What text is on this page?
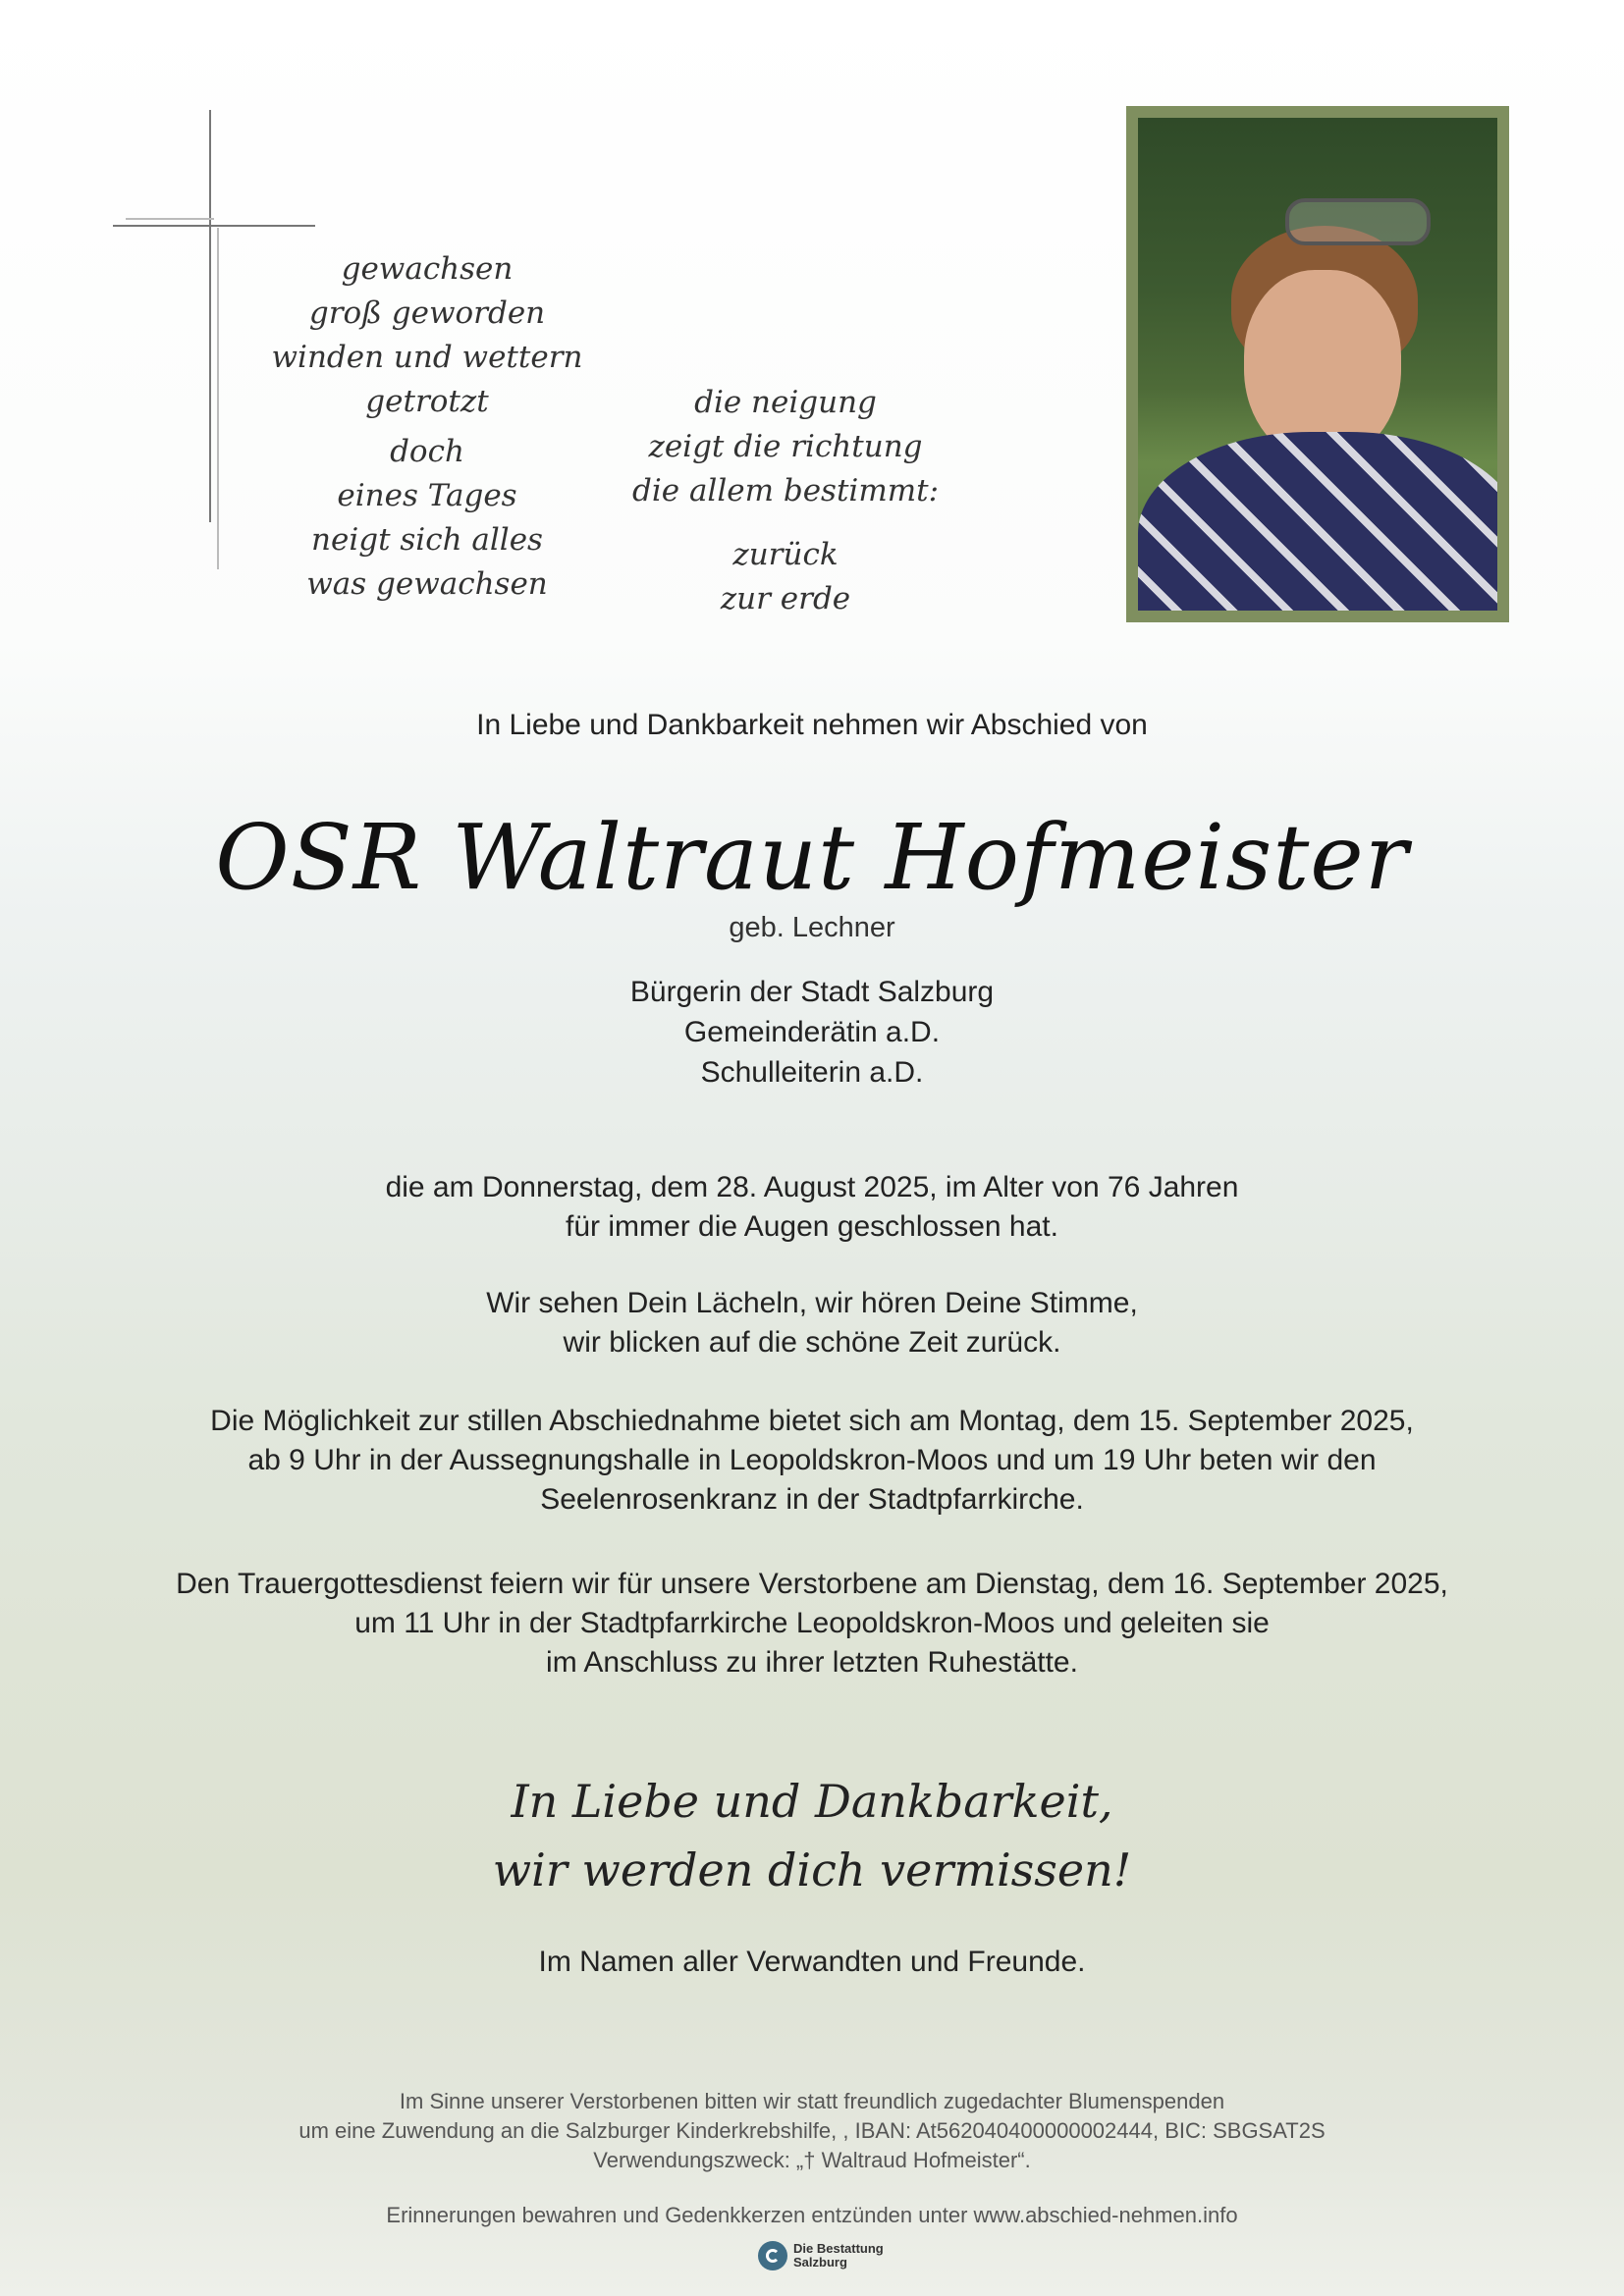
gewachsen
groß geworden
winden und wettern
getrotzt
doch
eines Tages
neigt sich alles
was gewachsen
die neigung
zeigt die richtung
die allem bestimmt:
zurück
zur erde
In Liebe und Dankbarkeit nehmen wir Abschied von
OSR Waltraut Hofmeister
geb. Lechner
Bürgerin der Stadt Salzburg
Gemeinderätin a.D.
Schulleiterin a.D.
die am Donnerstag, dem 28. August 2025, im Alter von 76 Jahren
für immer die Augen geschlossen hat.
Wir sehen Dein Lächeln, wir hören Deine Stimme,
wir blicken auf die schöne Zeit zurück.
Die Möglichkeit zur stillen Abschiednahme bietet sich am Montag, dem 15. September 2025,
ab 9 Uhr in der Aussegnungshalle in Leopoldskron-Moos und um 19 Uhr beten wir den
Seelenrosenkranz in der Stadtpfarrkirche.
Den Trauergottesdienst feiern wir für unsere Verstorbene am Dienstag, dem 16. September 2025,
um 11 Uhr in der Stadtpfarrkirche Leopoldskron-Moos und geleiten sie
im Anschluss zu ihrer letzten Ruhestätte.
In Liebe und Dankbarkeit,
wir werden dich vermissen!
Im Namen aller Verwandten und Freunde.
Im Sinne unserer Verstorbenen bitten wir statt freundlich zugedachter Blumenspenden
um eine Zuwendung an die Salzburger Kinderkrebshilfe, , IBAN: At562040400000002444, BIC: SBGSAT2S
Verwendungszweck: „† Waltraud Hofmeister“.
Erinnerungen bewahren und Gedenkkerzen entzünden unter www.abschied-nehmen.info
Die Bestattung
Salzburg
